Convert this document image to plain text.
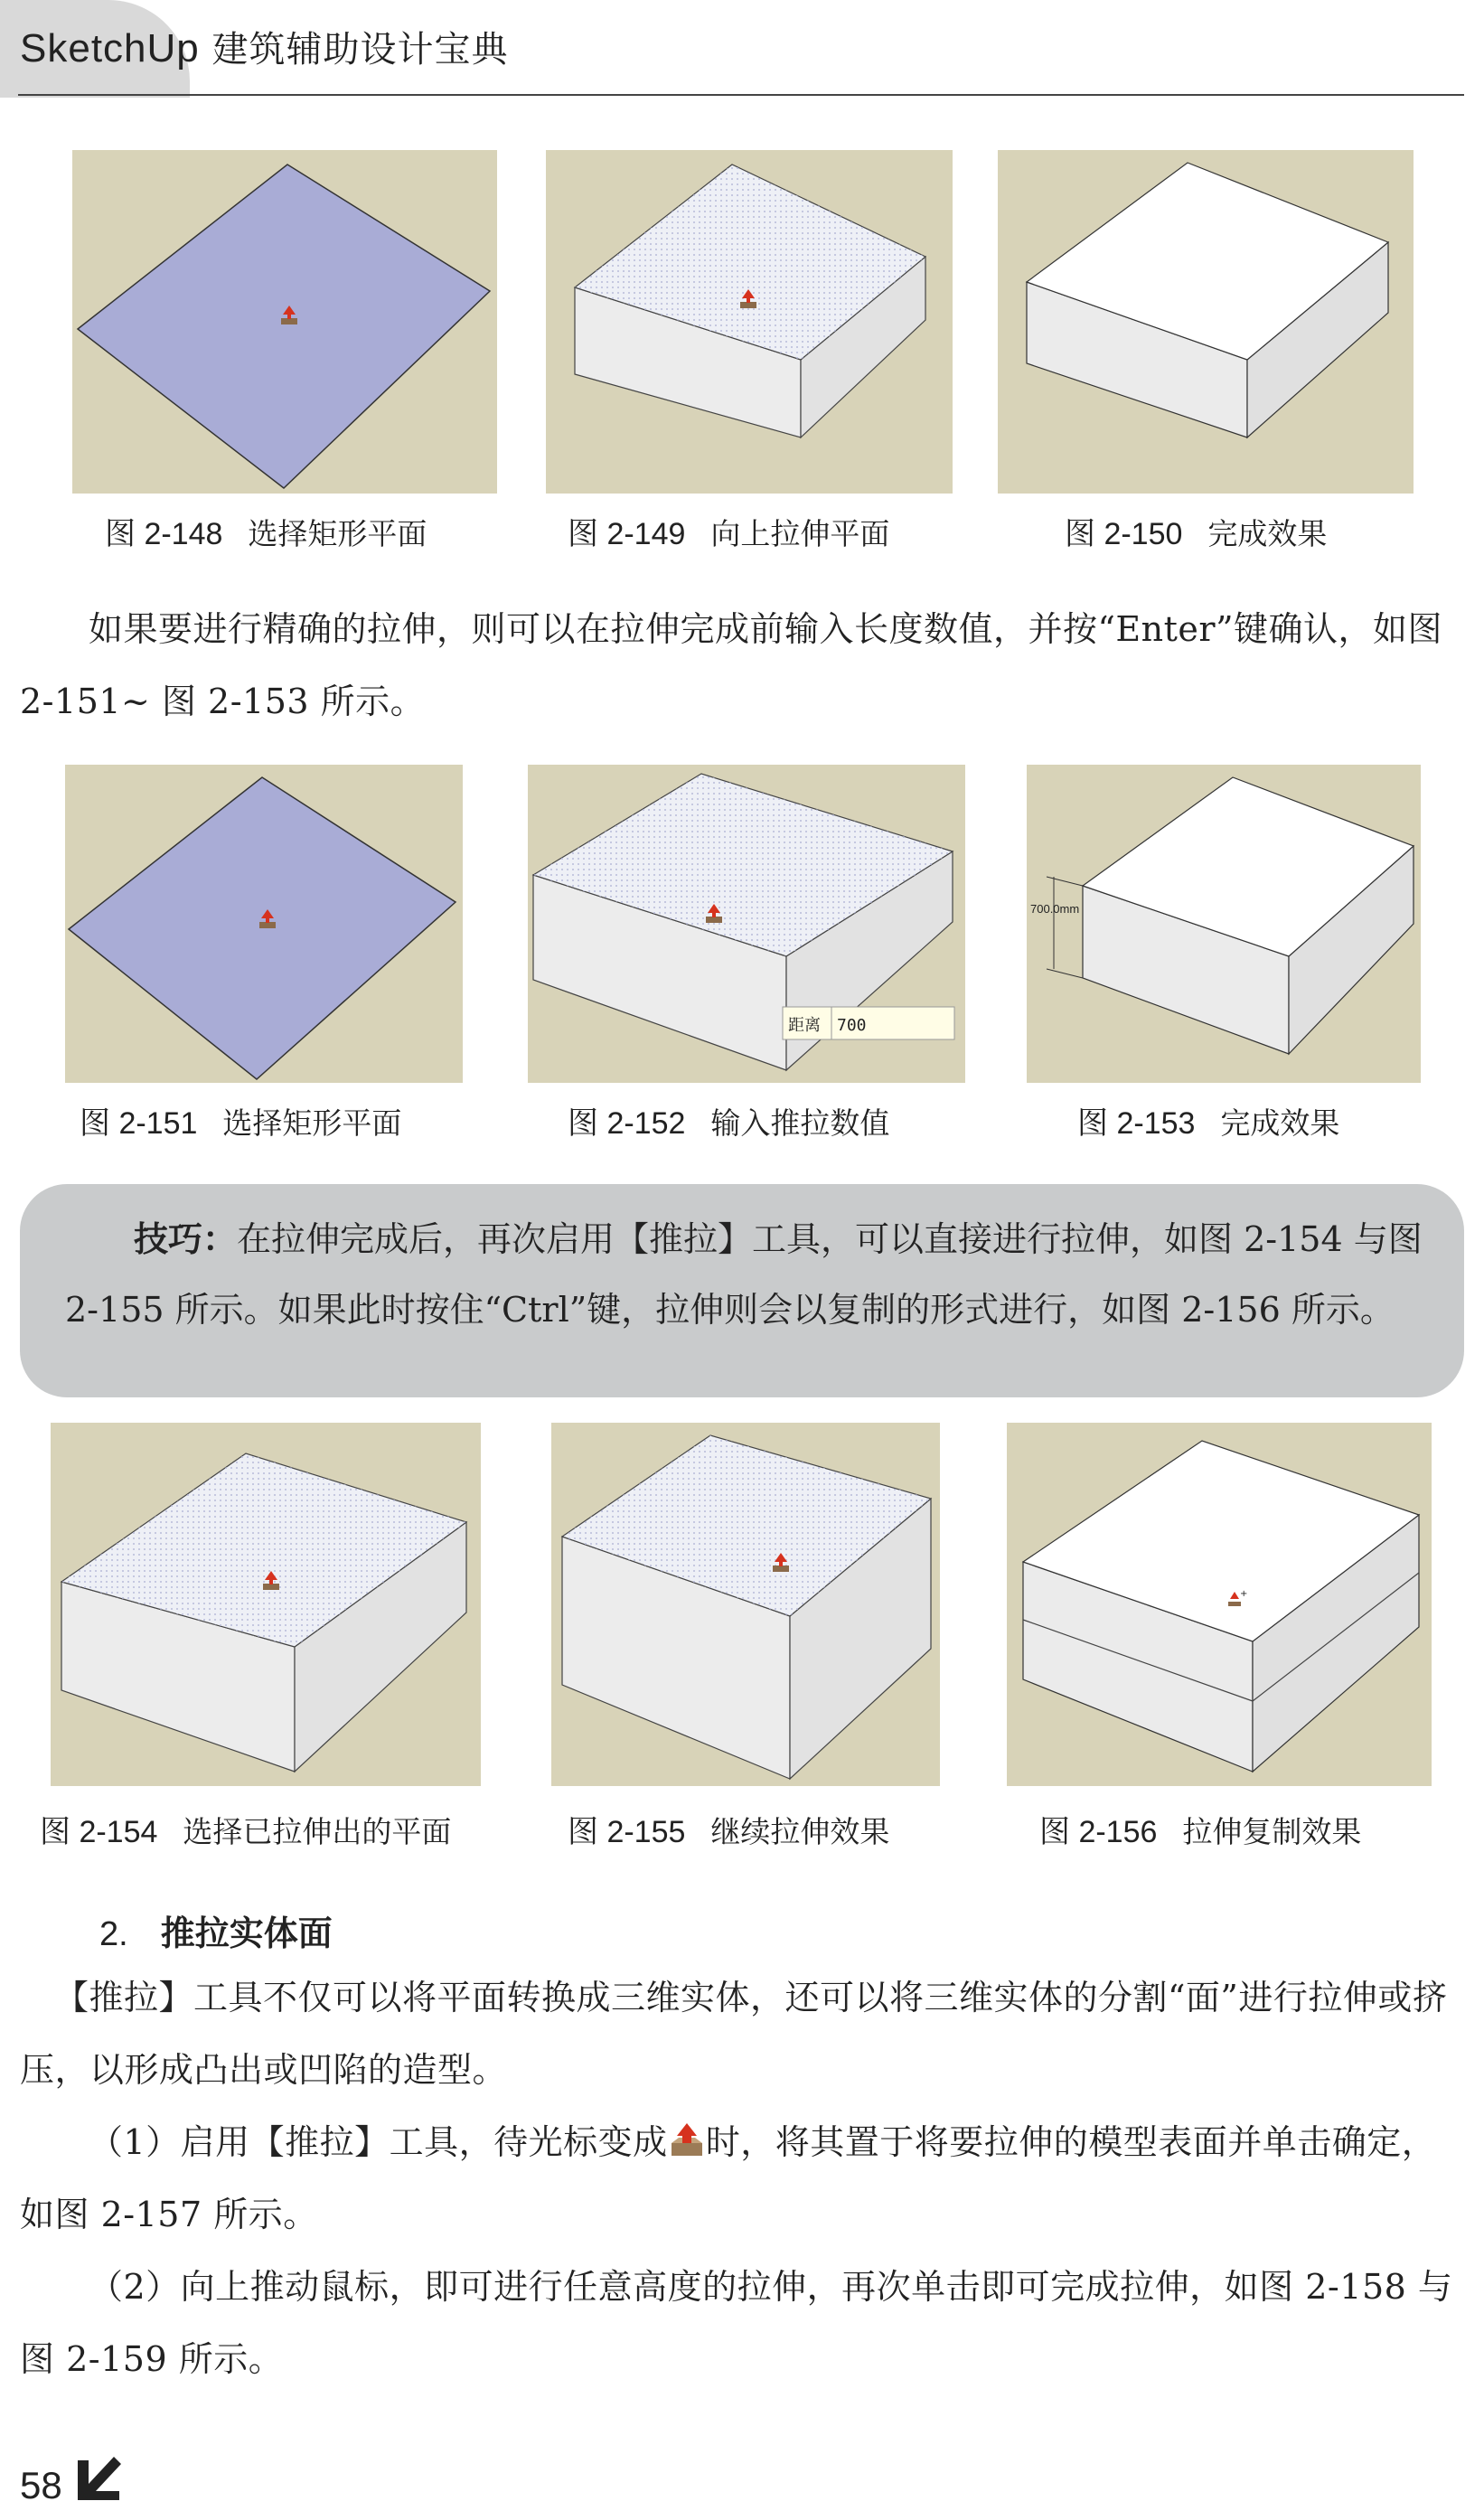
SketchUp 建筑辅助设计宝典
图 2-148 选择矩形平面	图 2-149 向上拉伸平面	图 2-150 完成效果

如果要进行精确的拉伸，则可以在拉伸完成前输入长度数值，并按“Enter”键确认，如图 2-151~ 图 2-153 所示。

距离 700
700.0mm
图 2-151 选择矩形平面	图 2-152 输入推拉数值	图 2-153 完成效果

技巧：在拉伸完成后，再次启用【推拉】工具，可以直接进行拉伸，如图 2-154 与图 2-155 所示。如果此时按住“Ctrl”键，拉伸则会以复制的形式进行，如图 2-156 所示。

+
图 2-154 选择已拉伸出的平面	图 2-155 继续拉伸效果	图 2-156 拉伸复制效果
2. 推拉实体面

【推拉】工具不仅可以将平面转换成三维实体，还可以将三维实体的分割“面”进行拉伸或挤压，以形成凸出或凹陷的造型。

（1）启用【推拉】工具，待光标变成 时，将其置于将要拉伸的模型表面并单击确定，如图 2-157 所示。

（2）向上推动鼠标，即可进行任意高度的拉伸，再次单击即可完成拉伸，如图 2-158 与图 2-159 所示。

58
